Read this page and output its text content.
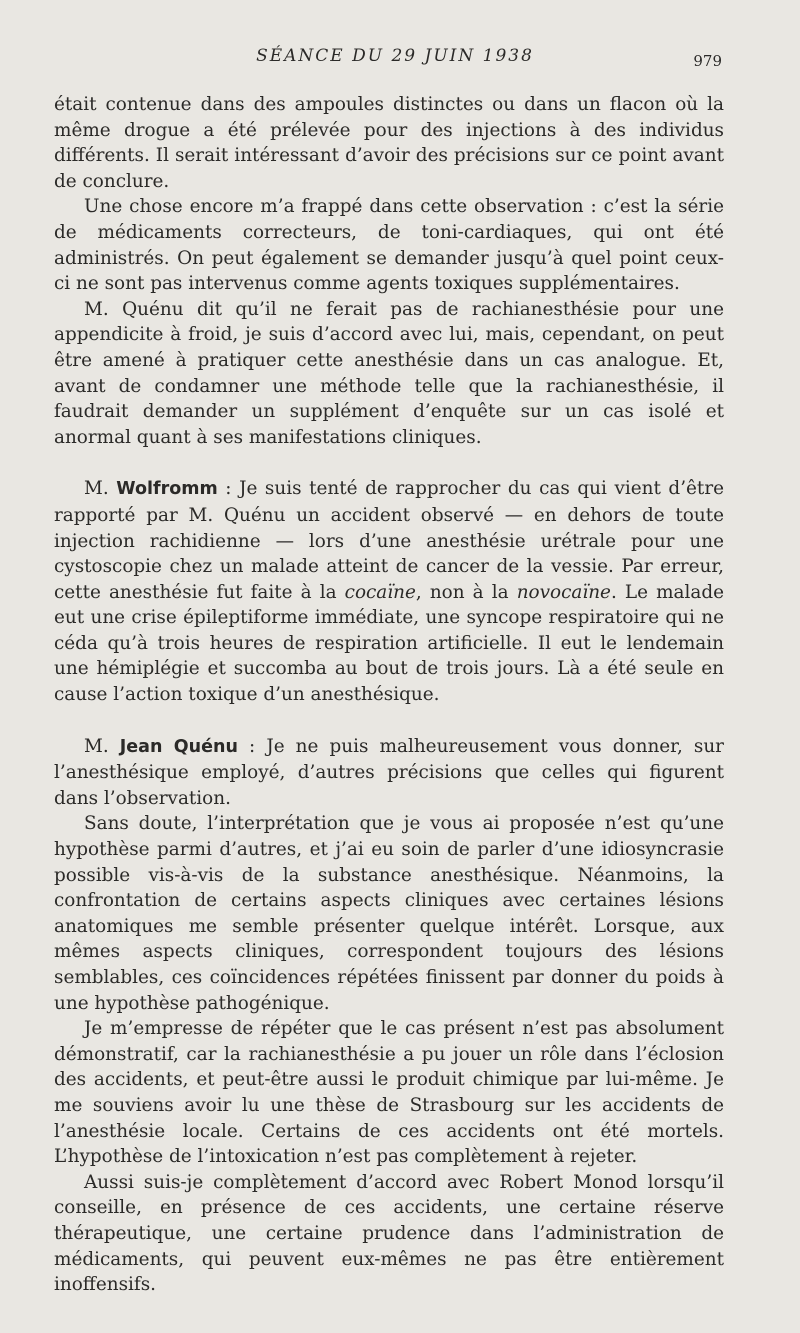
SÉANCE DU 29 JUIN 1938	979

était contenue dans des ampoules distinctes ou dans un flacon où la même drogue a été prélevée pour des injections à des individus différents. Il serait intéressant d’avoir des précisions sur ce point avant de conclure.

Une chose encore m’a frappé dans cette observation : c’est la série de médicaments correcteurs, de toni-cardiaques, qui ont été administrés. On peut également se demander jusqu’à quel point ceux-ci ne sont pas intervenus comme agents toxiques supplémentaires.

M. Quénu dit qu’il ne ferait pas de rachianesthésie pour une appendicite à froid, je suis d’accord avec lui, mais, cependant, on peut être amené à pratiquer cette anesthésie dans un cas analogue. Et, avant de condamner une méthode telle que la rachianesthésie, il faudrait demander un supplément d’enquête sur un cas isolé et anormal quant à ses manifestations cliniques.

M. Wolfromm : Je suis tenté de rapprocher du cas qui vient d’être rapporté par M. Quénu un accident observé — en dehors de toute injection rachidienne — lors d’une anesthésie urétrale pour une cystoscopie chez un malade atteint de cancer de la vessie. Par erreur, cette anesthésie fut faite à la cocaïne, non à la novocaïne. Le malade eut une crise épileptiforme immédiate, une syncope respiratoire qui ne céda qu’à trois heures de respiration artificielle. Il eut le lendemain une hémiplégie et succomba au bout de trois jours. Là a été seule en cause l’action toxique d’un anesthésique.

M. Jean Quénu : Je ne puis malheureusement vous donner, sur l’anesthésique employé, d’autres précisions que celles qui figurent dans l’observation.

Sans doute, l’interprétation que je vous ai proposée n’est qu’une hypothèse parmi d’autres, et j’ai eu soin de parler d’une idiosyncrasie possible vis-à-vis de la substance anesthésique. Néanmoins, la confrontation de certains aspects cliniques avec certaines lésions anatomiques me semble présenter quelque intérêt. Lorsque, aux mêmes aspects cliniques, correspondent toujours des lésions semblables, ces coïncidences répétées finissent par donner du poids à une hypothèse pathogénique.

Je m’empresse de répéter que le cas présent n’est pas absolument démonstratif, car la rachianesthésie a pu jouer un rôle dans l’éclosion des accidents, et peut-être aussi le produit chimique par lui-même. Je me souviens avoir lu une thèse de Strasbourg sur les accidents de l’anesthésie locale. Certains de ces accidents ont été mortels. L’hypothèse de l’intoxication n’est pas complètement à rejeter.

Aussi suis-je complètement d’accord avec Robert Monod lorsqu’il conseille, en présence de ces accidents, une certaine réserve thérapeutique, une certaine prudence dans l’administration de médicaments, qui peuvent eux-mêmes ne pas être entièrement inoffensifs.
